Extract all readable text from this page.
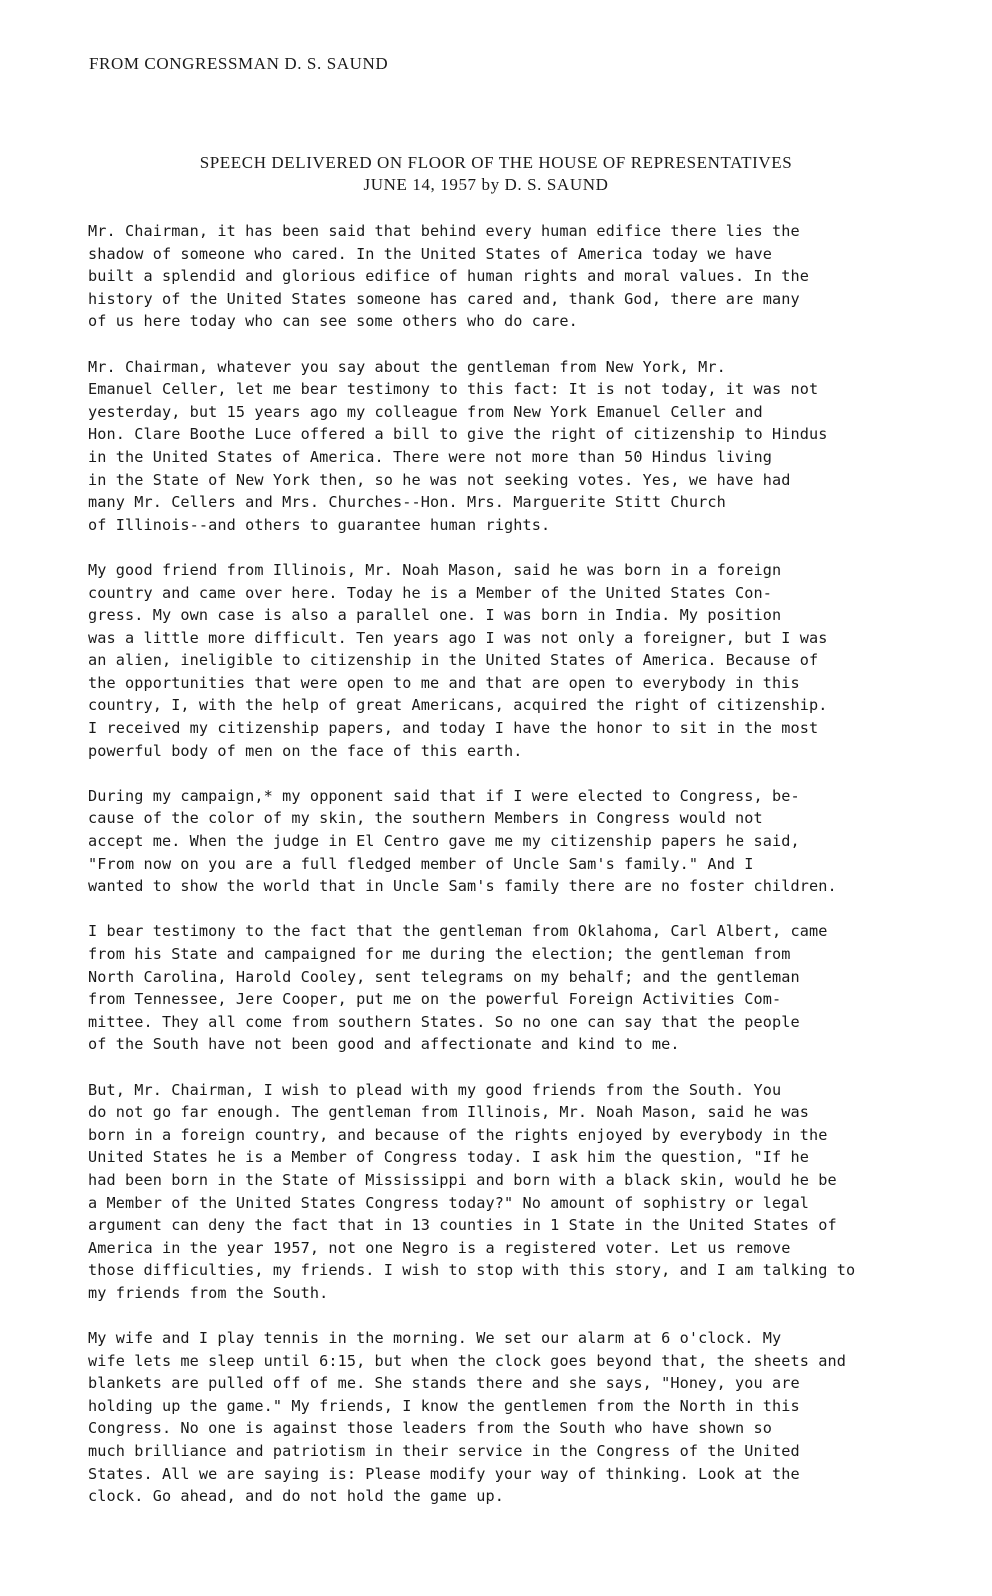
FROM CONGRESSMAN D. S. SAUND
SPEECH DELIVERED ON FLOOR OF THE HOUSE OF REPRESENTATIVES
JUNE 14, 1957 by D. S. SAUND
Mr. Chairman, it has been said that behind every human edifice there lies the
shadow of someone who cared. In the United States of America today we have
built a splendid and glorious edifice of human rights and moral values. In the
history of the United States someone has cared and, thank God, there are many
of us here today who can see some others who do care.
Mr. Chairman, whatever you say about the gentleman from New York, Mr.
Emanuel Celler, let me bear testimony to this fact: It is not today, it was not
yesterday, but 15 years ago my colleague from New York Emanuel Celler and
Hon. Clare Boothe Luce offered a bill to give the right of citizenship to Hindus
in the United States of America. There were not more than 50 Hindus living
in the State of New York then, so he was not seeking votes. Yes, we have had
many Mr. Cellers and Mrs. Churches--Hon. Mrs. Marguerite Stitt Church
of Illinois--and others to guarantee human rights.
My good friend from Illinois, Mr. Noah Mason, said he was born in a foreign
country and came over here. Today he is a Member of the United States Con-
gress. My own case is also a parallel one. I was born in India. My position
was a little more difficult. Ten years ago I was not only a foreigner, but I was
an alien, ineligible to citizenship in the United States of America. Because of
the opportunities that were open to me and that are open to everybody in this
country, I, with the help of great Americans, acquired the right of citizenship.
I received my citizenship papers, and today I have the honor to sit in the most
powerful body of men on the face of this earth.
During my campaign,* my opponent said that if I were elected to Congress, be-
cause of the color of my skin, the southern Members in Congress would not
accept me. When the judge in El Centro gave me my citizenship papers he said,
"From now on you are a full fledged member of Uncle Sam's family." And I
wanted to show the world that in Uncle Sam's family there are no foster children.
I bear testimony to the fact that the gentleman from Oklahoma, Carl Albert, came
from his State and campaigned for me during the election; the gentleman from
North Carolina, Harold Cooley, sent telegrams on my behalf; and the gentleman
from Tennessee, Jere Cooper, put me on the powerful Foreign Activities Com-
mittee. They all come from southern States. So no one can say that the people
of the South have not been good and affectionate and kind to me.
But, Mr. Chairman, I wish to plead with my good friends from the South. You
do not go far enough. The gentleman from Illinois, Mr. Noah Mason, said he was
born in a foreign country, and because of the rights enjoyed by everybody in the
United States he is a Member of Congress today. I ask him the question, "If he
had been born in the State of Mississippi and born with a black skin, would he be
a Member of the United States Congress today?" No amount of sophistry or legal
argument can deny the fact that in 13 counties in 1 State in the United States of
America in the year 1957, not one Negro is a registered voter. Let us remove
those difficulties, my friends. I wish to stop with this story, and I am talking to
my friends from the South.
My wife and I play tennis in the morning. We set our alarm at 6 o'clock. My
wife lets me sleep until 6:15, but when the clock goes beyond that, the sheets and
blankets are pulled off of me. She stands there and she says, "Honey, you are
holding up the game." My friends, I know the gentlemen from the North in this
Congress. No one is against those leaders from the South who have shown so
much brilliance and patriotism in their service in the Congress of the United
States. All we are saying is: Please modify your way of thinking. Look at the
clock. Go ahead, and do not hold the game up.
